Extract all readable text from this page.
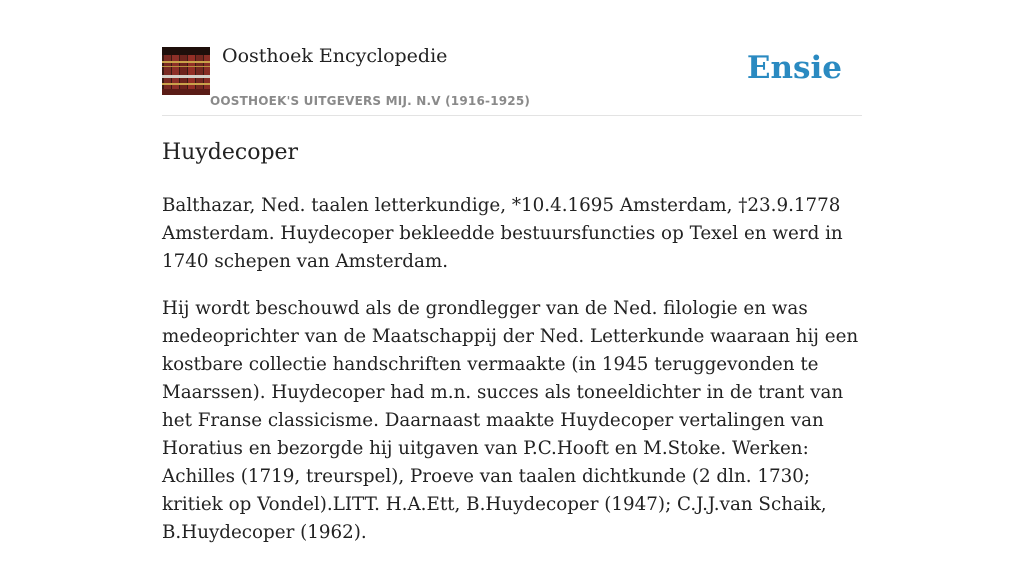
Oosthoek Encyclopedie	Ensie
OOSTHOEK'S UITGEVERS MIJ. N.V (1916-1925)
Huydecoper

Balthazar, Ned. taalen letterkundige, *10.4.1695 Amsterdam, †23.9.1778 Amsterdam. Huydecoper bekleedde bestuursfuncties op Texel en werd in 1740 schepen van Amsterdam.

Hij wordt beschouwd als de grondlegger van de Ned. filologie en was medeoprichter van de Maatschappij der Ned. Letterkunde waaraan hij een kostbare collectie handschriften vermaakte (in 1945 teruggevonden te Maarssen). Huydecoper had m.n. succes als toneeldichter in de trant van het Franse classicisme. Daarnaast maakte Huydecoper vertalingen van Horatius en bezorgde hij uitgaven van P.C.Hooft en M.Stoke. Werken: Achilles (1719, treurspel), Proeve van taalen dichtkunde (2 dln. 1730; kritiek op Vondel).LITT. H.A.Ett, B.Huydecoper (1947); C.J.J.van Schaik, B.Huydecoper (1962).
